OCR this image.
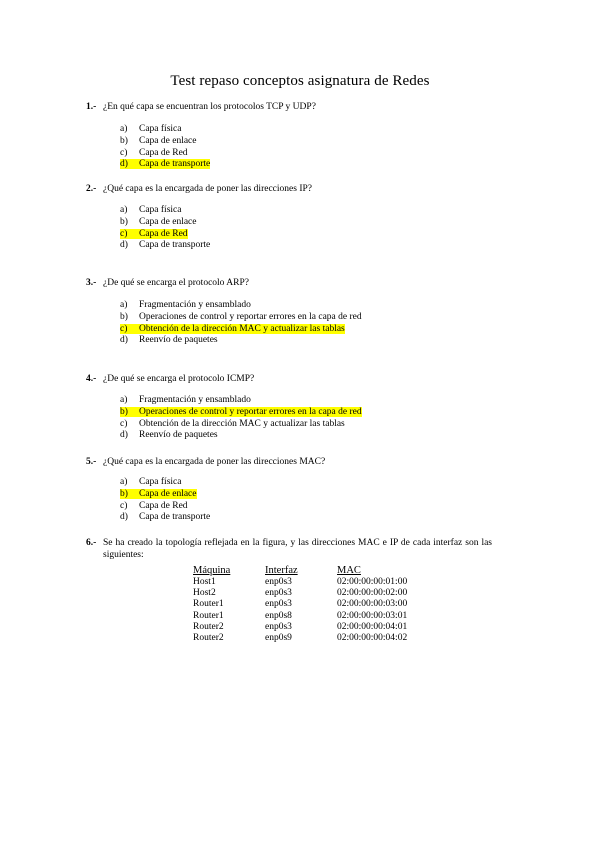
Test repaso conceptos asignatura de Redes
1.- ¿En qué capa se encuentran los protocolos TCP y UDP?
a) Capa física
b) Capa de enlace
c) Capa de Red
d) Capa de transporte
2.- ¿Qué capa es la encargada de poner las direcciones IP?
a) Capa física
b) Capa de enlace
c) Capa de Red
d) Capa de transporte
3.- ¿De qué se encarga el protocolo ARP?
a) Fragmentación y ensamblado
b) Operaciones de control y reportar errores en la capa de red
c) Obtención de la dirección MAC y actualizar las tablas
d) Reenvío de paquetes
4.- ¿De qué se encarga el protocolo ICMP?
a) Fragmentación y ensamblado
b) Operaciones de control y reportar errores en la capa de red
c) Obtención de la dirección MAC y actualizar las tablas
d) Reenvío de paquetes
5.- ¿Qué capa es la encargada de poner las direcciones MAC?
a) Capa física
b) Capa de enlace
c) Capa de Red
d) Capa de transporte
6.- Se ha creado la topología reflejada en la figura, y las direcciones MAC e IP de cada interfaz son las siguientes:
Máquina	Interfaz	MAC
Host1	enp0s3	02:00:00:00:01:00
Host2	enp0s3	02:00:00:00:02:00
Router1	enp0s3	02:00:00:00:03:00
Router1	enp0s8	02:00:00:00:03:01
Router2	enp0s3	02:00:00:00:04:01
Router2	enp0s9	02:00:00:00:04:02
